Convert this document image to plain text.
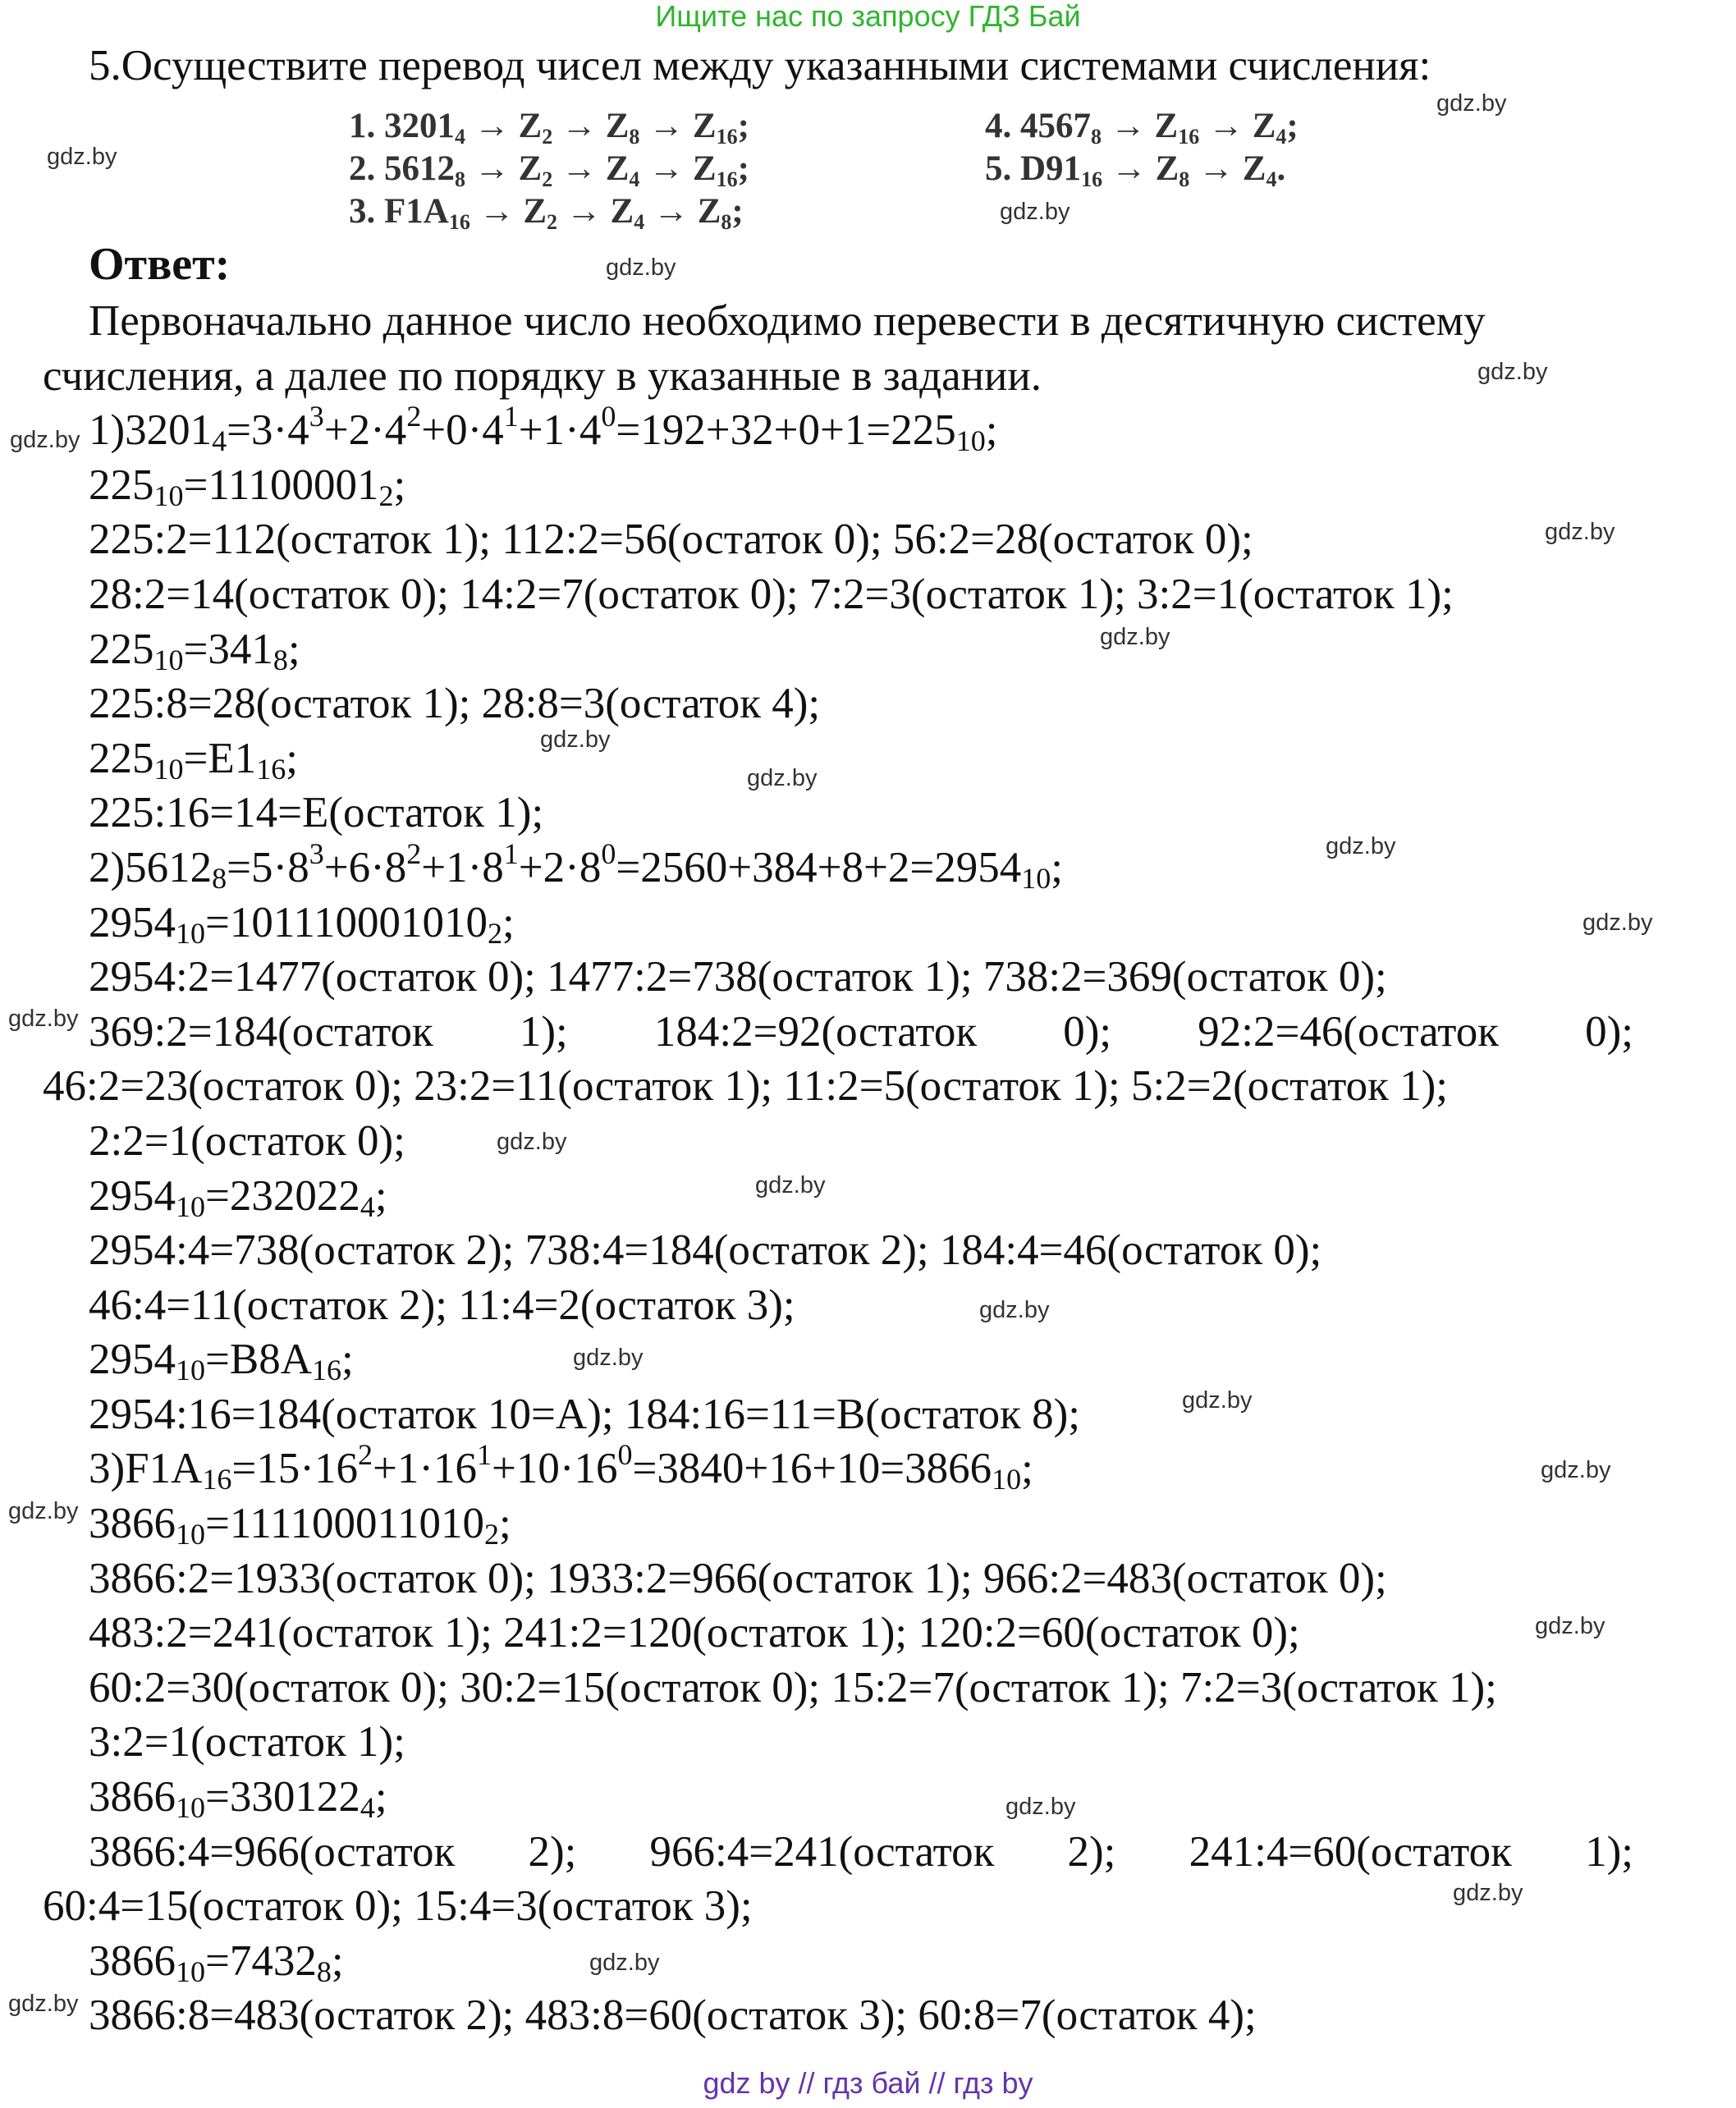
Ищите нас по запросу ГДЗ Бай
5.Осуществите перевод чисел между указанными системами счисления:
1. $3201_4 \to Z_2 \to Z_8 \to Z_{16}$;
2. $5612_8 \to Z_2 \to Z_4 \to Z_{16}$;
3. $F1A_{16} \to Z_2 \to Z_4 \to Z_8$;
4. $4567_8 \to Z_{16} \to Z_4$;
5. $D91_{16} \to Z_8 \to Z_4$.
Ответ:
Первоначально данное число необходимо перевести в десятичную систему
счисления, а далее по порядку в указанные в задании.
$1)3201_4=3\cdot 4^3+2\cdot 4^2+0\cdot 4^1+1\cdot 4^0=192+32+0+1=225_{10}$;
$225_{10}=11100001_2$;
225:2=112(остаток 1); 112:2=56(остаток 0); 56:2=28(остаток 0);
28:2=14(остаток 0); 14:2=7(остаток 0); 7:2=3(остаток 1); 3:2=1(остаток 1);
$225_{10}=341_8$;
225:8=28(остаток 1); 28:8=3(остаток 4);
$225_{10}=E1_{16}$;
225:16=14=E(остаток 1);
$2)5612_8=5\cdot 8^3+6\cdot 8^2+1\cdot 8^1+2\cdot 8^0=2560+384+8+2=2954_{10}$;
$2954_{10}=101110001010_2$;
2954:2=1477(остаток 0); 1477:2=738(остаток 1); 738:2=369(остаток 0);
369:2=184(остаток 1); 184:2=92(остаток 0); 92:2=46(остаток 0);
46:2=23(остаток 0); 23:2=11(остаток 1); 11:2=5(остаток 1); 5:2=2(остаток 1);
2:2=1(остаток 0);
$2954_{10}=232022_4$;
2954:4=738(остаток 2); 738:4=184(остаток 2); 184:4=46(остаток 0);
46:4=11(остаток 2); 11:4=2(остаток 3);
$2954_{10}=B8A_{16}$;
2954:16=184(остаток 10=A); 184:16=11=B(остаток 8);
$3)F1A_{16}=15\cdot 16^2+1\cdot 16^1+10\cdot 16^0=3840+16+10=3866_{10}$;
$3866_{10}=111100011010_2$;
3866:2=1933(остаток 0); 1933:2=966(остаток 1); 966:2=483(остаток 0);
483:2=241(остаток 1); 241:2=120(остаток 1); 120:2=60(остаток 0);
60:2=30(остаток 0); 30:2=15(остаток 0); 15:2=7(остаток 1); 7:2=3(остаток 1);
3:2=1(остаток 1);
$3866_{10}=330122_4$;
3866:4=966(остаток 2); 966:4=241(остаток 2); 241:4=60(остаток 1);
60:4=15(остаток 0); 15:4=3(остаток 3);
$3866_{10}=7432_8$;
3866:8=483(остаток 2); 483:8=60(остаток 3); 60:8=7(остаток 4);
gdz.by
gdz.by
gdz.by
gdz.by
gdz.by
gdz.by
gdz.by
gdz.by
gdz.by
gdz.by
gdz.by
gdz.by
gdz.by
gdz.by
gdz.by
gdz.by
gdz.by
gdz.by
gdz.by
gdz.by
gdz.by
gdz.by
gdz.by
gdz.by
gdz.by
gdz by // гдз бай // гдз by
